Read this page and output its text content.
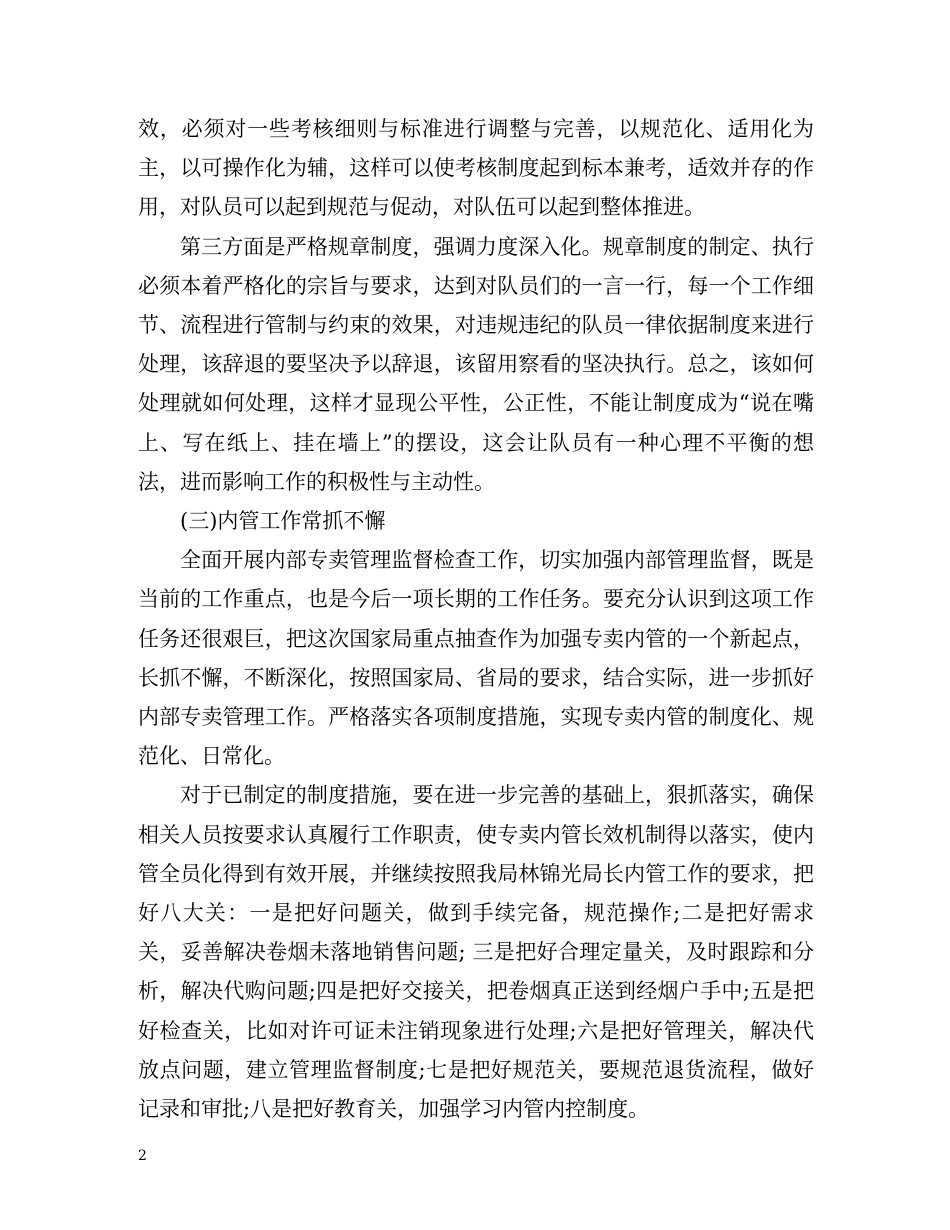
效，必须对一些考核细则与标准进行调整与完善，以规范化、适用化为主，以可操作化为辅，这样可以使考核制度起到标本兼考，适效并存的作用，对队员可以起到规范与促动，对队伍可以起到整体推进。

第三方面是严格规章制度，强调力度深入化。规章制度的制定、执行必须本着严格化的宗旨与要求，达到对队员们的一言一行，每一个工作细节、流程进行管制与约束的效果，对违规违纪的队员一律依据制度来进行处理，该辞退的要坚决予以辞退，该留用察看的坚决执行。总之，该如何处理就如何处理，这样才显现公平性，公正性，不能让制度成为“说在嘴上、写在纸上、挂在墙上”的摆设，这会让队员有一种心理不平衡的想法，进而影响工作的积极性与主动性。

(三)内管工作常抓不懈

全面开展内部专卖管理监督检查工作，切实加强内部管理监督，既是当前的工作重点，也是今后一项长期的工作任务。要充分认识到这项工作任务还很艰巨，把这次国家局重点抽查作为加强专卖内管的一个新起点，长抓不懈，不断深化，按照国家局、省局的要求，结合实际，进一步抓好内部专卖管理工作。严格落实各项制度措施，实现专卖内管的制度化、规范化、日常化。

对于已制定的制度措施，要在进一步完善的基础上，狠抓落实，确保相关人员按要求认真履行工作职责，使专卖内管长效机制得以落实，使内管全员化得到有效开展，并继续按照我局林锦光局长内管工作的要求，把好八大关：一是把好问题关，做到手续完备，规范操作;二是把好需求关，妥善解决卷烟未落地销售问题; 三是把好合理定量关，及时跟踪和分析，解决代购问题;四是把好交接关，把卷烟真正送到经烟户手中;五是把好检查关，比如对许可证未注销现象进行处理;六是把好管理关，解决代放点问题，建立管理监督制度;七是把好规范关，要规范退货流程，做好记录和审批;八是把好教育关，加强学习内管内控制度。

2
